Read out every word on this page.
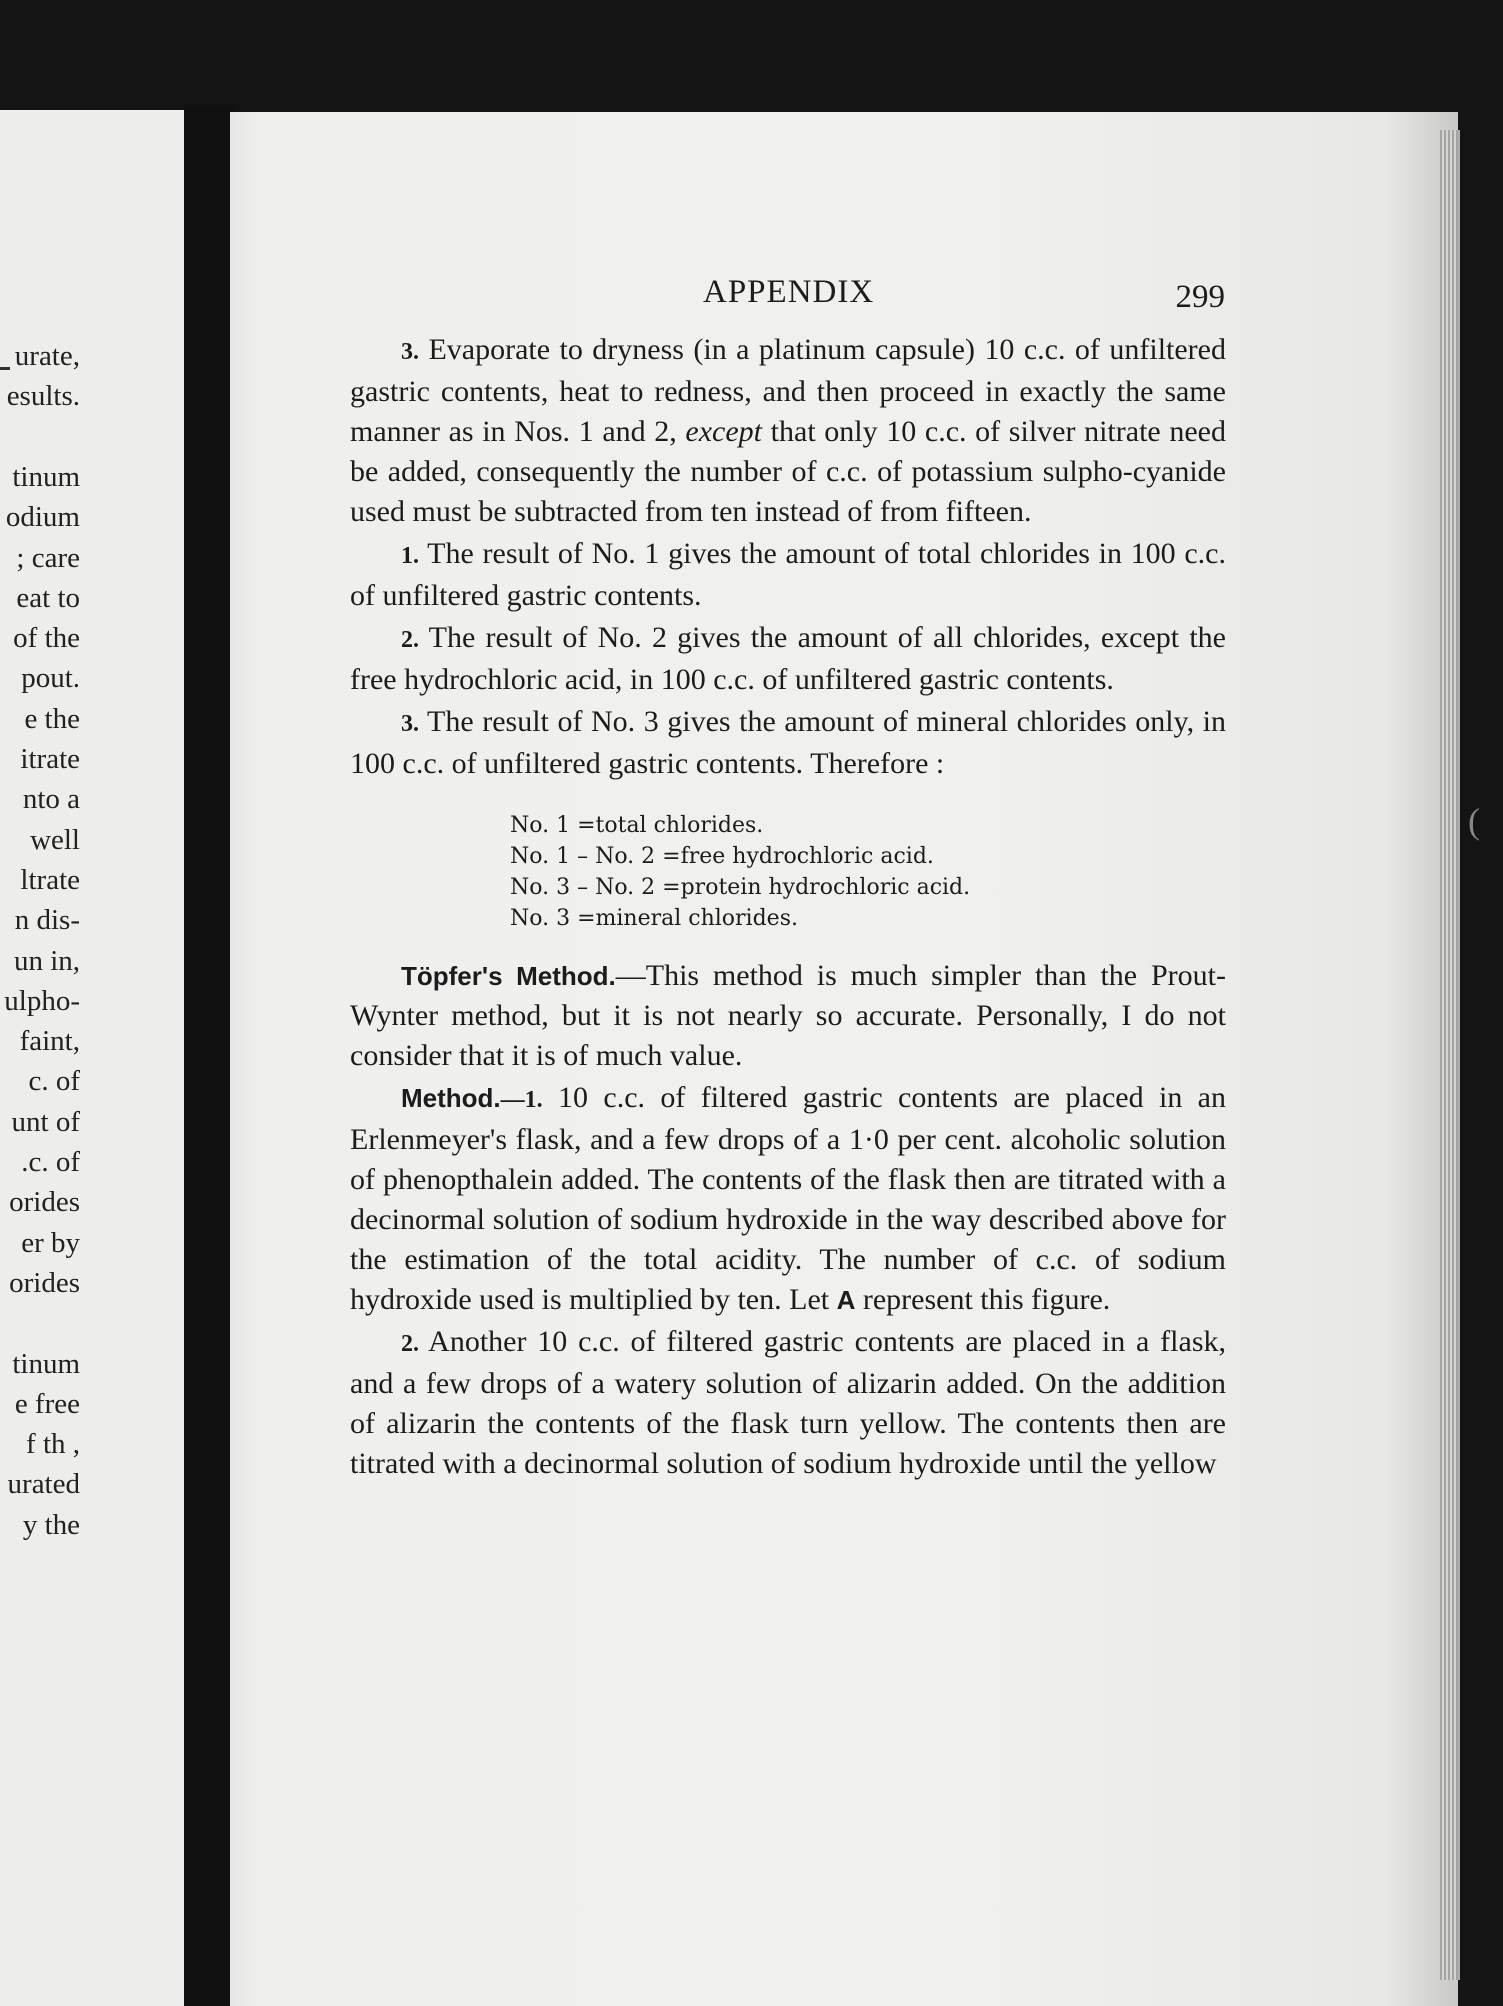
urate,
esults.
tinum
odium
; care
eat to
of the
pout.
e the
itrate
nto a
well
ltrate
n dis-
un in,
ulpho-
faint,
c. of
unt of
.c. of
orides
er by
orides
tinum
e free
f th ,
urated
y the
APPENDIX	299

3. Evaporate to dryness (in a platinum capsule) 10 c.c. of unfiltered gastric contents, heat to redness, and then proceed in exactly the same manner as in Nos. 1 and 2, except that only 10 c.c. of silver nitrate need be added, consequently the number of c.c. of potassium sulpho-cyanide used must be subtracted from ten instead of from fifteen.

1. The result of No. 1 gives the amount of total chlorides in 100 c.c. of unfiltered gastric contents.

2. The result of No. 2 gives the amount of all chlorides, except the free hydrochloric acid, in 100 c.c. of unfiltered gastric contents.

3. The result of No. 3 gives the amount of mineral chlorides only, in 100 c.c. of unfiltered gastric contents. Therefore :

No. 1 =total chlorides.
No. 1 – No. 2 =free hydrochloric acid.
No. 3 – No. 2 =protein hydrochloric acid.
No. 3 =mineral chlorides.

Töpfer's Method.—This method is much simpler than the Prout-Wynter method, but it is not nearly so accurate. Personally, I do not consider that it is of much value.

Method.—1. 10 c.c. of filtered gastric contents are placed in an Erlenmeyer's flask, and a few drops of a 1·0 per cent. alcoholic solution of phenopthalein added. The contents of the flask then are titrated with a decinormal solution of sodium hydroxide in the way described above for the estimation of the total acidity. The number of c.c. of sodium hydroxide used is multiplied by ten. Let A represent this figure.

2. Another 10 c.c. of filtered gastric contents are placed in a flask, and a few drops of a watery solution of alizarin added. On the addition of alizarin the contents of the flask turn yellow. The contents then are titrated with a decinormal solution of sodium hydroxide until the yellow

(
